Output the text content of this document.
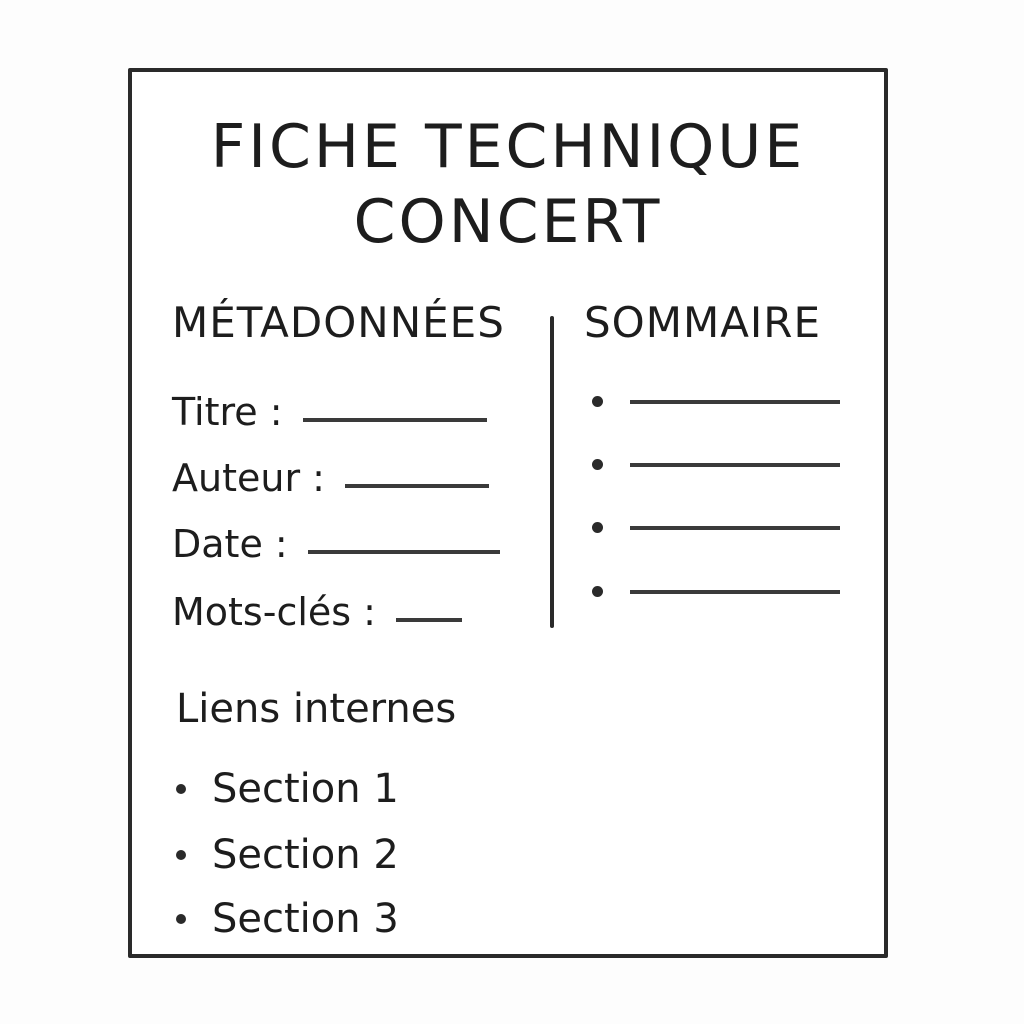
FICHE TECHNIQUE
CONCERT
MÉTADONNÉES SOMMAIRE
Titre :
Auteur :
Date :
Mots-clés :
Liens internes
Section 1
Section 2
Section 3
